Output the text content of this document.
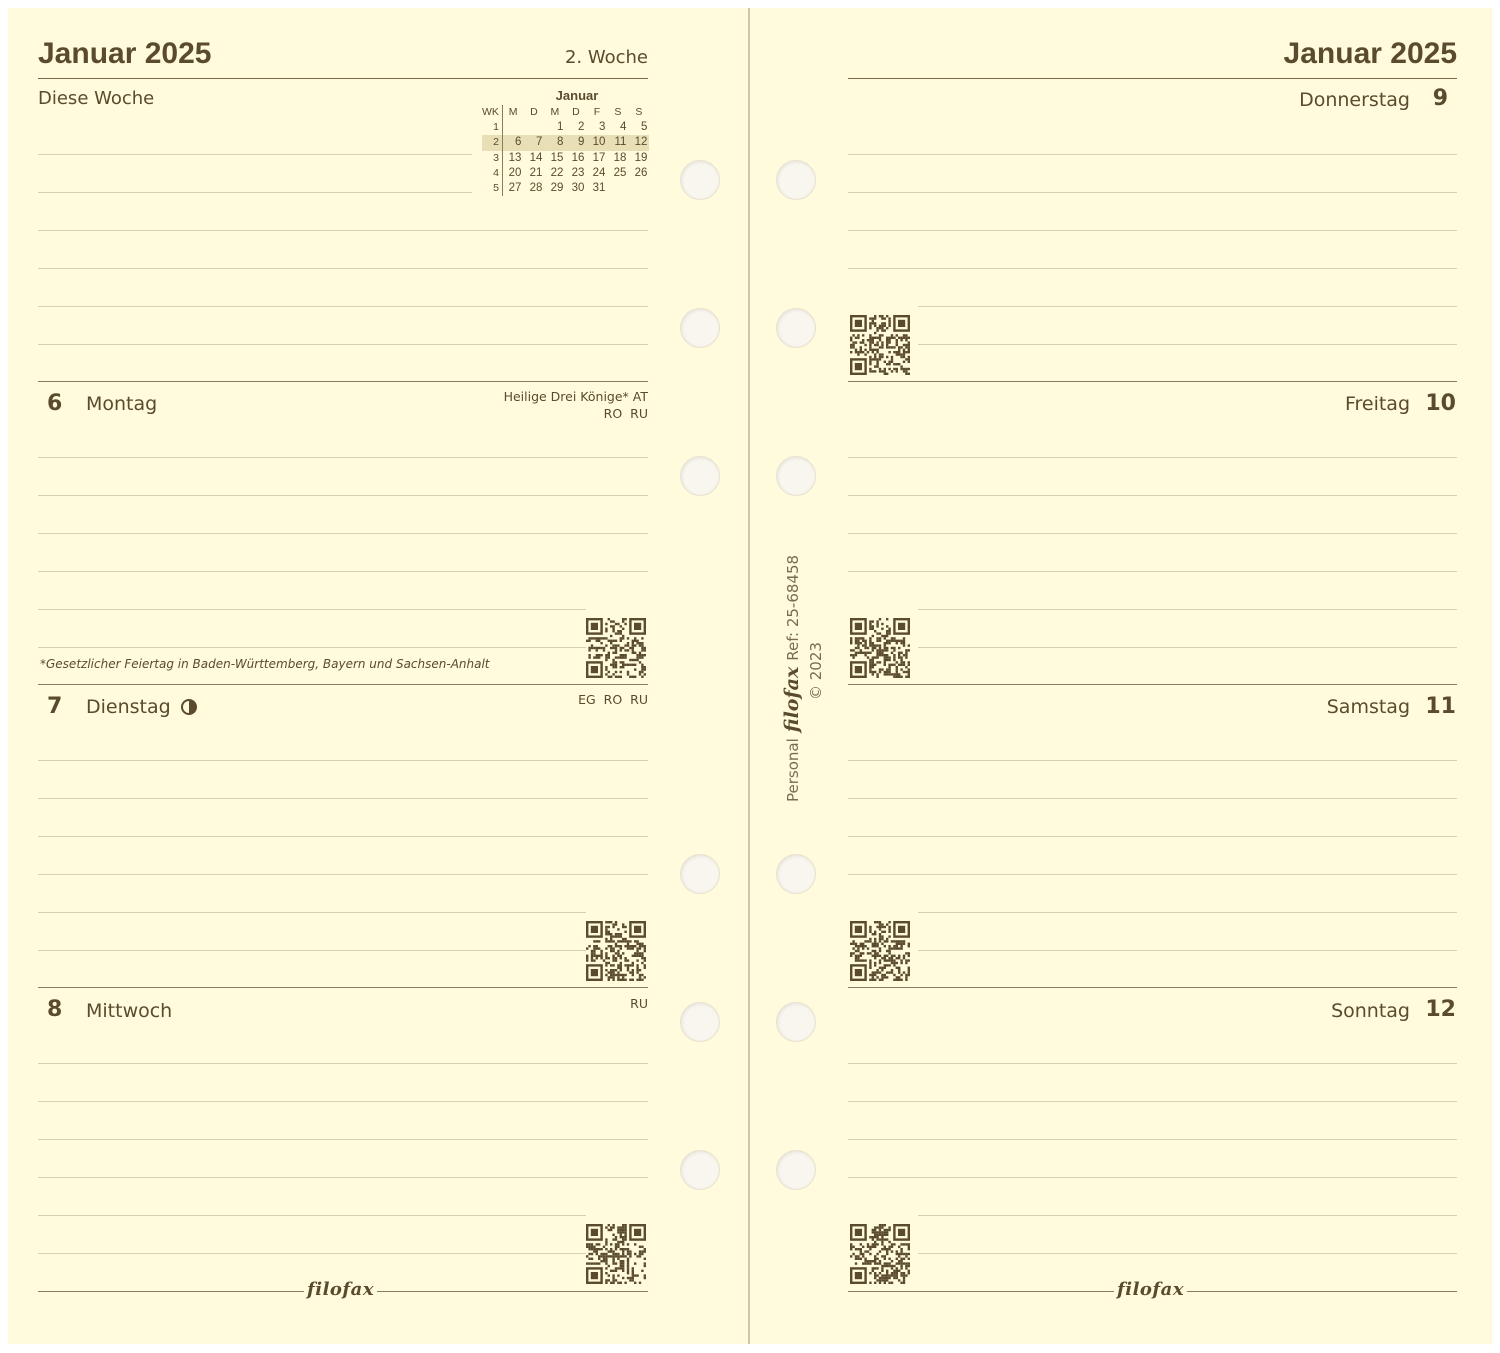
Januar 2025	2. Woche
Diese Woche	Januar
WK	M	D	M	D	F	S	S
1			1	2	3	4	5
2	6	7	8	9	10	11	12
3	13	14	15	16	17	18	19
4	20	21	22	23	24	25	26
5	27	28	29	30	31		
6 Montag	Heilige Drei Könige* AT
RO RU
*Gesetzlicher Feiertag in Baden-Württemberg, Bayern und Sachsen-Anhalt
7 Dienstag	EG RO RU
8 Mittwoch	RU
filofax
PersonalfilofaxRef: 25-68458
© 2023
Januar 2025
Donnerstag 9
Freitag 10
Samstag 11
Sonntag 12
filofax
